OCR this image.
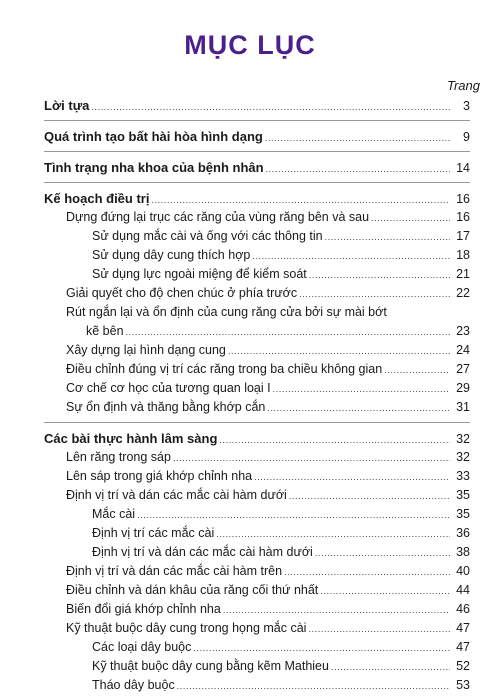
MỤC LỤC
Trang
Lời tựa .....	3
Quá trình tạo bất hài hòa hình dạng .....	9
Tình trạng nha khoa của bệnh nhân .....	14
Kế hoạch điều trị .....	16
Dựng đứng lại trục các răng của vùng răng bên và sau .....	16
Sử dụng mắc cài và ống với các thông tin .....	17
Sử dụng dây cung thích hợp .....	18
Sử dụng lực ngoài miệng để kiểm soát .....	21
Giải quyết cho độ chen chúc ở phía trước .....	22
Rút ngắn lại và ổn định của cung răng cửa bởi sự mài bớt
kẽ bên .....	23
Xây dựng lại hình dạng cung .....	24
Điều chỉnh đúng vị trí các răng trong ba chiều không gian .....	27
Cơ chế cơ học của tương quan loại I .....	29
Sự ổn định và thăng bằng khớp cắn .....	31
Các bài thực hành lâm sàng .....	32
Lên răng trong sáp .....	32
Lên sáp trong giá khớp chỉnh nha .....	33
Định vị trí và dán các mắc cài hàm dưới .....	35
Mắc cài .....	35
Định vị trí các mắc cài .....	36
Định vị trí và dán các mắc cài hàm dưới .....	38
Định vị trí và dán các mắc cài hàm trên .....	40
Điều chỉnh và dán khâu của răng cối thứ nhất .....	44
Biến đổi giá khớp chỉnh nha .....	46
Kỹ thuật buộc dây cung trong họng mắc cài .....	47
Các loại dây buộc .....	47
Kỹ thuật buộc dây cung bằng kẽm Mathieu .....	52
Tháo dây buộc .....	53
